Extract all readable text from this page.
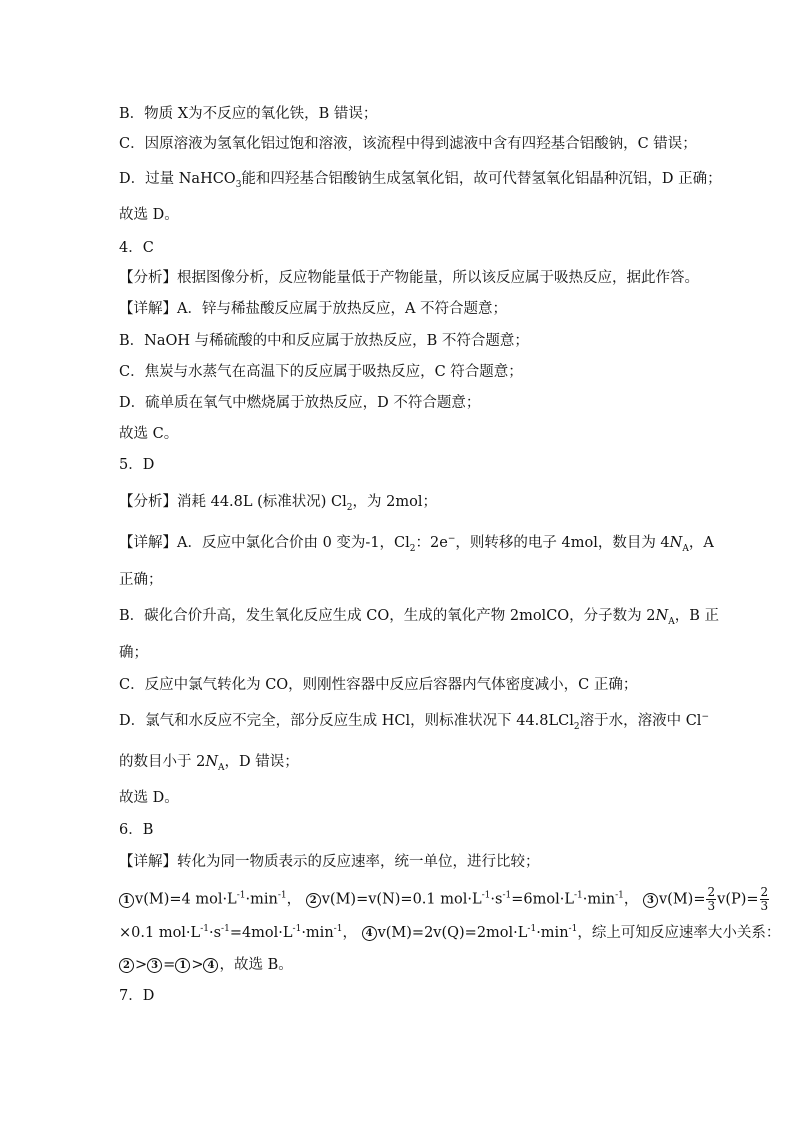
B．物质 X为不反应的氧化铁，B 错误；
C．因原溶液为氢氧化铝过饱和溶液，该流程中得到滤液中含有四羟基合铝酸钠，C 错误；
D．过量 NaHCO$_3$能和四羟基合铝酸钠生成氢氧化铝，故可代替氢氧化铝晶种沉铝，D 正确；
故选 D。
4．C
【分析】根据图像分析，反应物能量低于产物能量，所以该反应属于吸热反应，据此作答。
【详解】A．锌与稀盐酸反应属于放热反应，A 不符合题意；
B．NaOH 与稀硫酸的中和反应属于放热反应，B 不符合题意；
C．焦炭与水蒸气在高温下的反应属于吸热反应，C 符合题意；
D．硫单质在氧气中燃烧属于放热反应，D 不符合题意；
故选 C。
5．D
【分析】消耗 44.8L (标准状况) $Cl_2$，为 2mol；
【详解】A．反应中氯化合价由 0 变为-1，$Cl_2$：2e−，则转移的电子 4mol，数目为 $4N_A$，A
正确；
B．碳化合价升高，发生氧化反应生成 CO，生成的氧化产物 2molCO，分子数为 $2N_A$，B 正
确；
C．反应中氯气转化为 CO，则刚性容器中反应后容器内气体密度减小，C 正确；
D．氯气和水反应不完全，部分反应生成 HCl，则标准状况下 44.8LCl$_2$溶于水，溶液中 Cl−
的数目小于 $2N_A$，D 错误；
故选 D。
6．B
【详解】转化为同一物质表示的反应速率，统一单位，进行比较；
1 v(M)=4 $mol\cdot L^{-1}\cdot\min^{-1}$， 2 v(M)=v(N)=0.1 $mol\cdot L^{-1}\cdot s^{-1}=6mol\cdot L^{-1}\cdot\min^{-1}$， 3 $v(M)= \frac{2}{3} v(P)= \frac{2}{3}$
×0.1 $mol\cdot L^{-1}\cdot s^{-1}=4mol\cdot L^{-1}\cdot\min^{-1}$， 4 $v(M)=2v(Q)=2mol\cdot L^{-1}\cdot\min^{-1}$，综上可知反应速率大小关系：
2 > 3 = 1 > 4 ，故选 B。
7．D
